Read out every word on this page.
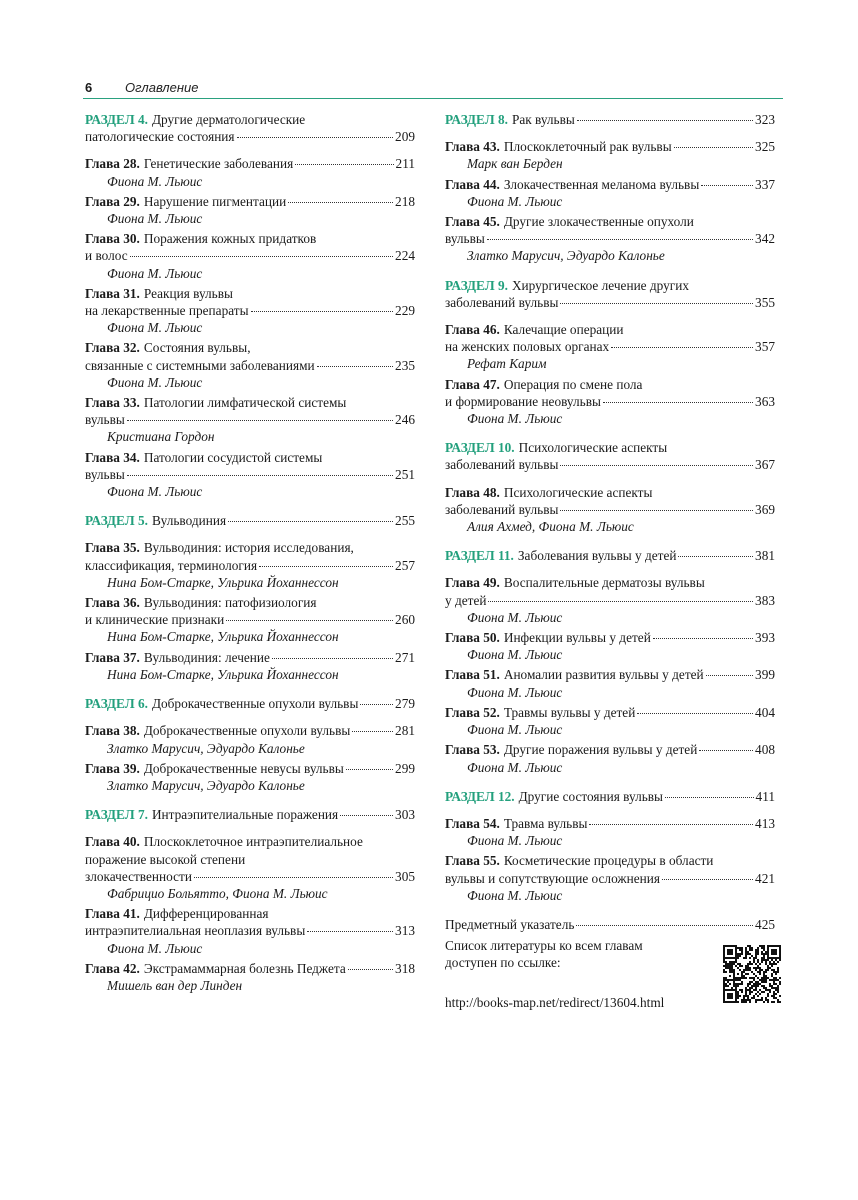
6	Оглавление
РАЗДЕЛ 4. Другие дерматологические
патологические состояния	209
Глава 28. Генетические заболевания	211
Фиона М. Льюис
Глава 29. Нарушение пигментации	218
Фиона М. Льюис
Глава 30. Поражения кожных придатков
и волос	224
Фиона М. Льюис
Глава 31. Реакция вульвы
на лекарственные препараты	229
Фиона М. Льюис
Глава 32. Состояния вульвы,
связанные с системными заболеваниями	235
Фиона М. Льюис
Глава 33. Патологии лимфатической системы
вульвы	246
Кристиана Гордон
Глава 34. Патологии сосудистой системы
вульвы	251
Фиона М. Льюис
РАЗДЕЛ 5. Вульводиния	255
Глава 35. Вульводиния: история исследования,
классификация, терминология	257
Нина Бом-Старке, Ульрика Йоханнессон
Глава 36. Вульводиния: патофизиология
и клинические признаки	260
Нина Бом-Старке, Ульрика Йоханнессон
Глава 37. Вульводиния: лечение	271
Нина Бом-Старке, Ульрика Йоханнессон
РАЗДЕЛ 6. Доброкачественные опухоли вульвы	279
Глава 38. Доброкачественные опухоли вульвы	281
Златко Марусич, Эдуардо Калонье
Глава 39. Доброкачественные невусы вульвы	299
Златко Марусич, Эдуардо Калонье
РАЗДЕЛ 7. Интраэпителиальные поражения	303
Глава 40. Плоскоклеточное интраэпителиальное
поражение высокой степени
злокачественности	305
Фабрицио Больятто, Фиона М. Льюис
Глава 41. Дифференцированная
интраэпителиальная неоплазия вульвы	313
Фиона М. Льюис
Глава 42. Экстрамаммарная болезнь Педжета	318
Мишель ван дер Линден
РАЗДЕЛ 8. Рак вульвы	323
Глава 43. Плоскоклеточный рак вульвы	325
Марк ван Берден
Глава 44. Злокачественная меланома вульвы	337
Фиона М. Льюис
Глава 45. Другие злокачественные опухоли
вульвы	342
Златко Марусич, Эдуардо Калонье
РАЗДЕЛ 9. Хирургическое лечение других
заболеваний вульвы	355
Глава 46. Калечащие операции
на женских половых органах	357
Рефат Карим
Глава 47. Операция по смене пола
и формирование неовульвы	363
Фиона М. Льюис
РАЗДЕЛ 10. Психологические аспекты
заболеваний вульвы	367
Глава 48. Психологические аспекты
заболеваний вульвы	369
Алия Ахмед, Фиона М. Льюис
РАЗДЕЛ 11. Заболевания вульвы у детей	381
Глава 49. Воспалительные дерматозы вульвы
у детей	383
Фиона М. Льюис
Глава 50. Инфекции вульвы у детей	393
Фиона М. Льюис
Глава 51. Аномалии развития вульвы у детей	399
Фиона М. Льюис
Глава 52. Травмы вульвы у детей	404
Фиона М. Льюис
Глава 53. Другие поражения вульвы у детей	408
Фиона М. Льюис
РАЗДЕЛ 12. Другие состояния вульвы	411
Глава 54. Травма вульвы	413
Фиона М. Льюис
Глава 55. Косметические процедуры в области
вульвы и сопутствующие осложнения	421
Фиона М. Льюис
Предметный указатель	425
Список литературы ко всем главам
доступен по ссылке:
http://books-map.net/redirect/13604.html
